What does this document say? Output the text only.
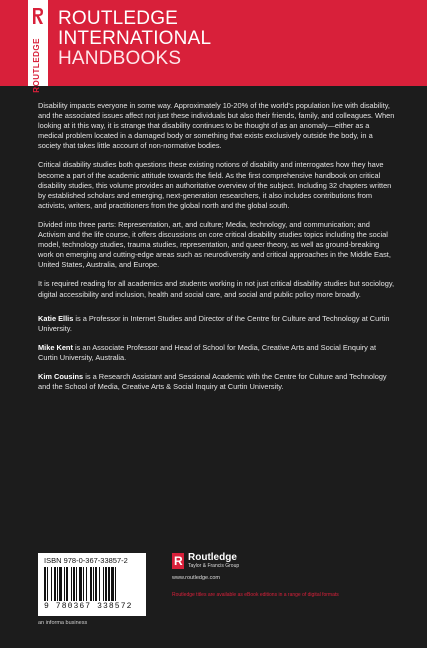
ROUTLEDGE
ROUTLEDGE
INTERNATIONAL
HANDBOOKS

Disability impacts everyone in some way. Approximately 10-20% of the world's population live with disability, and the associated issues affect not just these individuals but also their friends, family, and colleagues. When looking at it this way, it is strange that disability continues to be thought of as an anomaly—either as a medical problem located in a damaged body or something that exists exclusively outside the body, in a society that takes little account of non-normative bodies.

Critical disability studies both questions these existing notions of disability and interrogates how they have become a part of the academic attitude towards the field. As the first comprehensive handbook on critical disability studies, this volume provides an authoritative overview of the subject. Including 32 chapters written by established scholars and emerging, next-generation researchers, it also includes contributions from activists, writers, and practitioners from the global north and the global south.

Divided into three parts: Representation, art, and culture; Media, technology, and communication; and Activism and the life course, it offers discussions on core critical disability studies topics including the social model, technology studies, trauma studies, representation, and queer theory, as well as ground-breaking work on emerging and cutting-edge areas such as neurodiversity and critical approaches in the Middle East, United States, Australia, and Europe.

It is required reading for all academics and students working in not just critical disability studies but sociology, digital accessibility and inclusion, health and social care, and social and public policy more broadly.

Katie Ellis is a Professor in Internet Studies and Director of the Centre for Culture and Technology at Curtin University.

Mike Kent is an Associate Professor and Head of School for Media, Creative Arts and Social Enquiry at Curtin University, Australia.

Kim Cousins is a Research Assistant and Sessional Academic with the Centre for Culture and Technology and the School of Media, Creative Arts & Social Inquiry at Curtin University.

ISBN 978-0-367-33857-2
9 780367 338572
an informa business
R Routledge
Taylor & Francis Group
www.routledge.com
Routledge titles are available as eBook editions in a range of digital formats
